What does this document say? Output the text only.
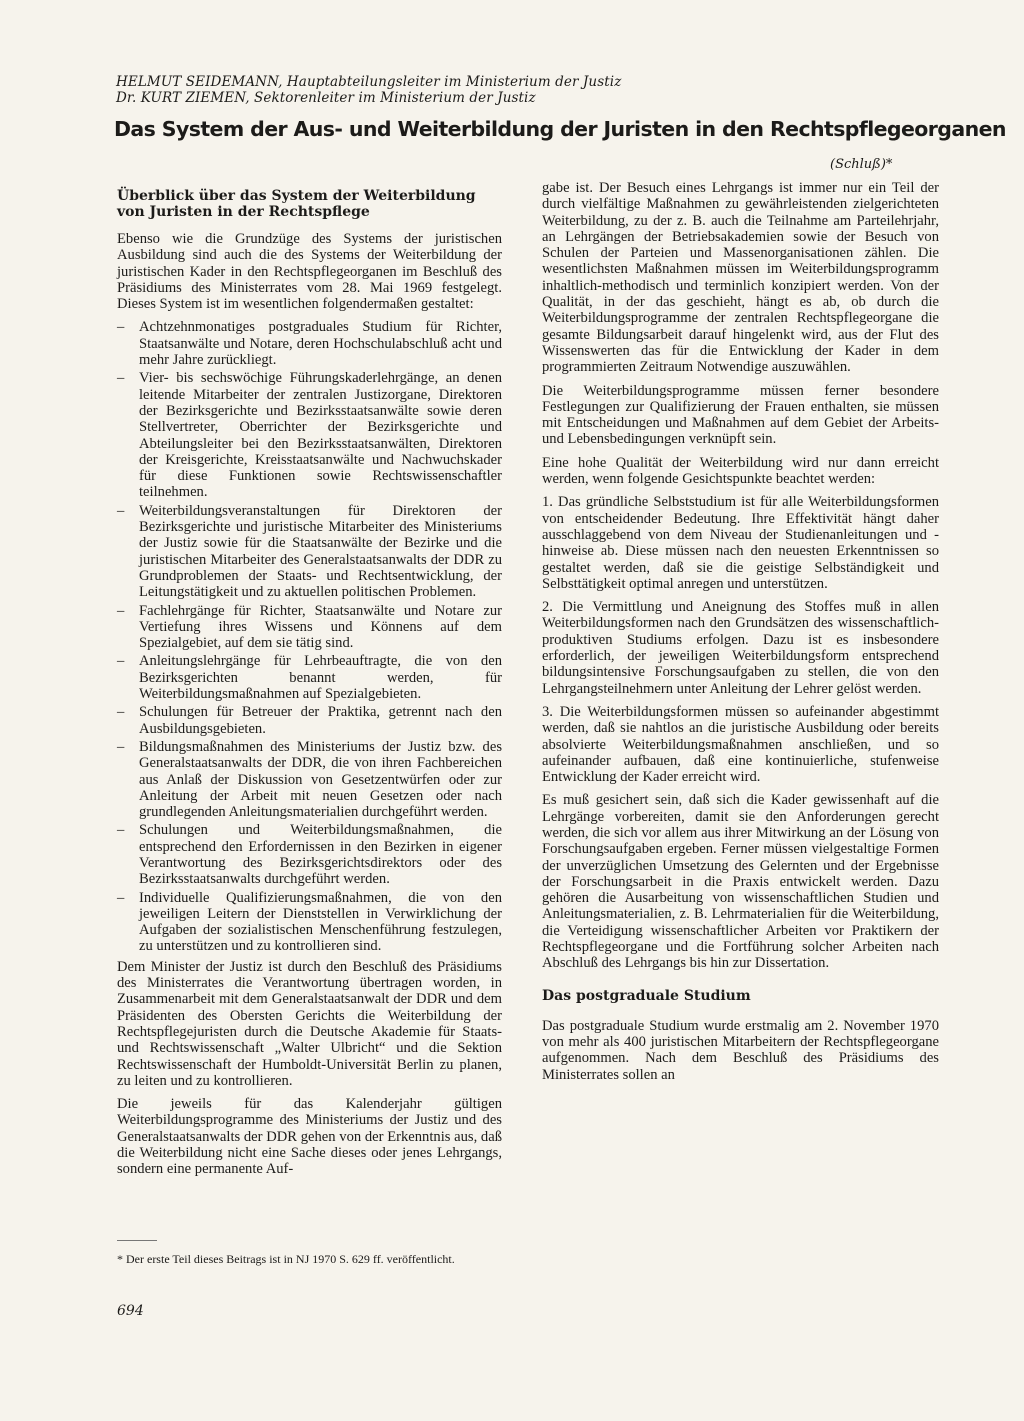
HELMUT SEIDEMANN, Hauptabteilungsleiter im Ministerium der Justiz
Dr. KURT ZIEMEN, Sektorenleiter im Ministerium der Justiz
Das System der Aus- und Weiterbildung der Juristen in den Rechtspflegeorganen
(Schluß)*
Überblick über das System der Weiterbildung von Juristen in der Rechtspflege

Ebenso wie die Grundzüge des Systems der juristischen Ausbildung sind auch die des Systems der Weiterbildung der juristischen Kader in den Rechtspflegeorganen im Beschluß des Präsidiums des Ministerrates vom 28. Mai 1969 festgelegt. Dieses System ist im wesentlichen folgendermaßen gestaltet:

– Achtzehnmonatiges postgraduales Studium für Richter, Staatsanwälte und Notare, deren Hochschulabschluß acht und mehr Jahre zurückliegt.
– Vier- bis sechswöchige Führungskaderlehrgänge, an denen leitende Mitarbeiter der zentralen Justizorgane, Direktoren der Bezirksgerichte und Bezirksstaatsanwälte sowie deren Stellvertreter, Oberrichter der Bezirksgerichte und Abteilungsleiter bei den Bezirksstaatsanwälten, Direktoren der Kreisgerichte, Kreisstaatsanwälte und Nachwuchskader für diese Funktionen sowie Rechtswissenschaftler teilnehmen.
– Weiterbildungsveranstaltungen für Direktoren der Bezirksgerichte und juristische Mitarbeiter des Ministeriums der Justiz sowie für die Staatsanwälte der Bezirke und die juristischen Mitarbeiter des Generalstaatsanwalts der DDR zu Grundproblemen der Staats- und Rechtsentwicklung, der Leitungstätigkeit und zu aktuellen politischen Problemen.
– Fachlehrgänge für Richter, Staatsanwälte und Notare zur Vertiefung ihres Wissens und Könnens auf dem Spezialgebiet, auf dem sie tätig sind.
– Anleitungslehrgänge für Lehrbeauftragte, die von den Bezirksgerichten benannt werden, für Weiterbildungsmaßnahmen auf Spezialgebieten.
– Schulungen für Betreuer der Praktika, getrennt nach den Ausbildungsgebieten.
– Bildungsmaßnahmen des Ministeriums der Justiz bzw. des Generalstaatsanwalts der DDR, die von ihren Fachbereichen aus Anlaß der Diskussion von Gesetzentwürfen oder zur Anleitung der Arbeit mit neuen Gesetzen oder nach grundlegenden Anleitungsmaterialien durchgeführt werden.
– Schulungen und Weiterbildungsmaßnahmen, die entsprechend den Erfordernissen in den Bezirken in eigener Verantwortung des Bezirksgerichtsdirektors oder des Bezirksstaatsanwalts durchgeführt werden.
– Individuelle Qualifizierungsmaßnahmen, die von den jeweiligen Leitern der Dienststellen in Verwirklichung der Aufgaben der sozialistischen Menschenführung festzulegen, zu unterstützen und zu kontrollieren sind.

Dem Minister der Justiz ist durch den Beschluß des Präsidiums des Ministerrates die Verantwortung übertragen worden, in Zusammenarbeit mit dem Generalstaatsanwalt der DDR und dem Präsidenten des Obersten Gerichts die Weiterbildung der Rechtspflegejuristen durch die Deutsche Akademie für Staats- und Rechtswissenschaft „Walter Ulbricht“ und die Sektion Rechtswissenschaft der Humboldt-Universität Berlin zu planen, zu leiten und zu kontrollieren.

Die jeweils für das Kalenderjahr gültigen Weiterbildungsprogramme des Ministeriums der Justiz und des Generalstaatsanwalts der DDR gehen von der Erkenntnis aus, daß die Weiterbildung nicht eine Sache dieses oder jenes Lehrgangs, sondern eine permanente Auf-

gabe ist. Der Besuch eines Lehrgangs ist immer nur ein Teil der durch vielfältige Maßnahmen zu gewährleistenden zielgerichteten Weiterbildung, zu der z. B. auch die Teilnahme am Parteilehrjahr, an Lehrgängen der Betriebsakademien sowie der Besuch von Schulen der Parteien und Massenorganisationen zählen. Die wesentlichsten Maßnahmen müssen im Weiterbildungsprogramm inhaltlich-methodisch und terminlich konzipiert werden. Von der Qualität, in der das geschieht, hängt es ab, ob durch die Weiterbildungsprogramme der zentralen Rechtspflegeorgane die gesamte Bildungsarbeit darauf hingelenkt wird, aus der Flut des Wissenswerten das für die Entwicklung der Kader in dem programmierten Zeitraum Notwendige auszuwählen.

Die Weiterbildungsprogramme müssen ferner besondere Festlegungen zur Qualifizierung der Frauen enthalten, sie müssen mit Entscheidungen und Maßnahmen auf dem Gebiet der Arbeits- und Lebensbedingungen verknüpft sein.

Eine hohe Qualität der Weiterbildung wird nur dann erreicht werden, wenn folgende Gesichtspunkte beachtet werden:

1. Das gründliche Selbststudium ist für alle Weiterbildungsformen von entscheidender Bedeutung. Ihre Effektivität hängt daher ausschlaggebend von dem Niveau der Studienanleitungen und -hinweise ab. Diese müssen nach den neuesten Erkenntnissen so gestaltet werden, daß sie die geistige Selbständigkeit und Selbsttätigkeit optimal anregen und unterstützen.

2. Die Vermittlung und Aneignung des Stoffes muß in allen Weiterbildungsformen nach den Grundsätzen des wissenschaftlich-produktiven Studiums erfolgen. Dazu ist es insbesondere erforderlich, der jeweiligen Weiterbildungsform entsprechend bildungsintensive Forschungsaufgaben zu stellen, die von den Lehrgangsteilnehmern unter Anleitung der Lehrer gelöst werden.

3. Die Weiterbildungsformen müssen so aufeinander abgestimmt werden, daß sie nahtlos an die juristische Ausbildung oder bereits absolvierte Weiterbildungsmaßnahmen anschließen, und so aufeinander aufbauen, daß eine kontinuierliche, stufenweise Entwicklung der Kader erreicht wird.

Es muß gesichert sein, daß sich die Kader gewissenhaft auf die Lehrgänge vorbereiten, damit sie den Anforderungen gerecht werden, die sich vor allem aus ihrer Mitwirkung an der Lösung von Forschungsaufgaben ergeben. Ferner müssen vielgestaltige Formen der unverzüglichen Umsetzung des Gelernten und der Ergebnisse der Forschungsarbeit in die Praxis entwickelt werden. Dazu gehören die Ausarbeitung von wissenschaftlichen Studien und Anleitungsmaterialien, z. B. Lehrmaterialien für die Weiterbildung, die Verteidigung wissenschaftlicher Arbeiten vor Praktikern der Rechtspflegeorgane und die Fortführung solcher Arbeiten nach Abschluß des Lehrgangs bis hin zur Dissertation.

Das postgraduale Studium

Das postgraduale Studium wurde erstmalig am 2. November 1970 von mehr als 400 juristischen Mitarbeitern der Rechtspflegeorgane aufgenommen. Nach dem Beschluß des Präsidiums des Ministerrates sollen an

* Der erste Teil dieses Beitrags ist in NJ 1970 S. 629 ff. veröffentlicht.
694
